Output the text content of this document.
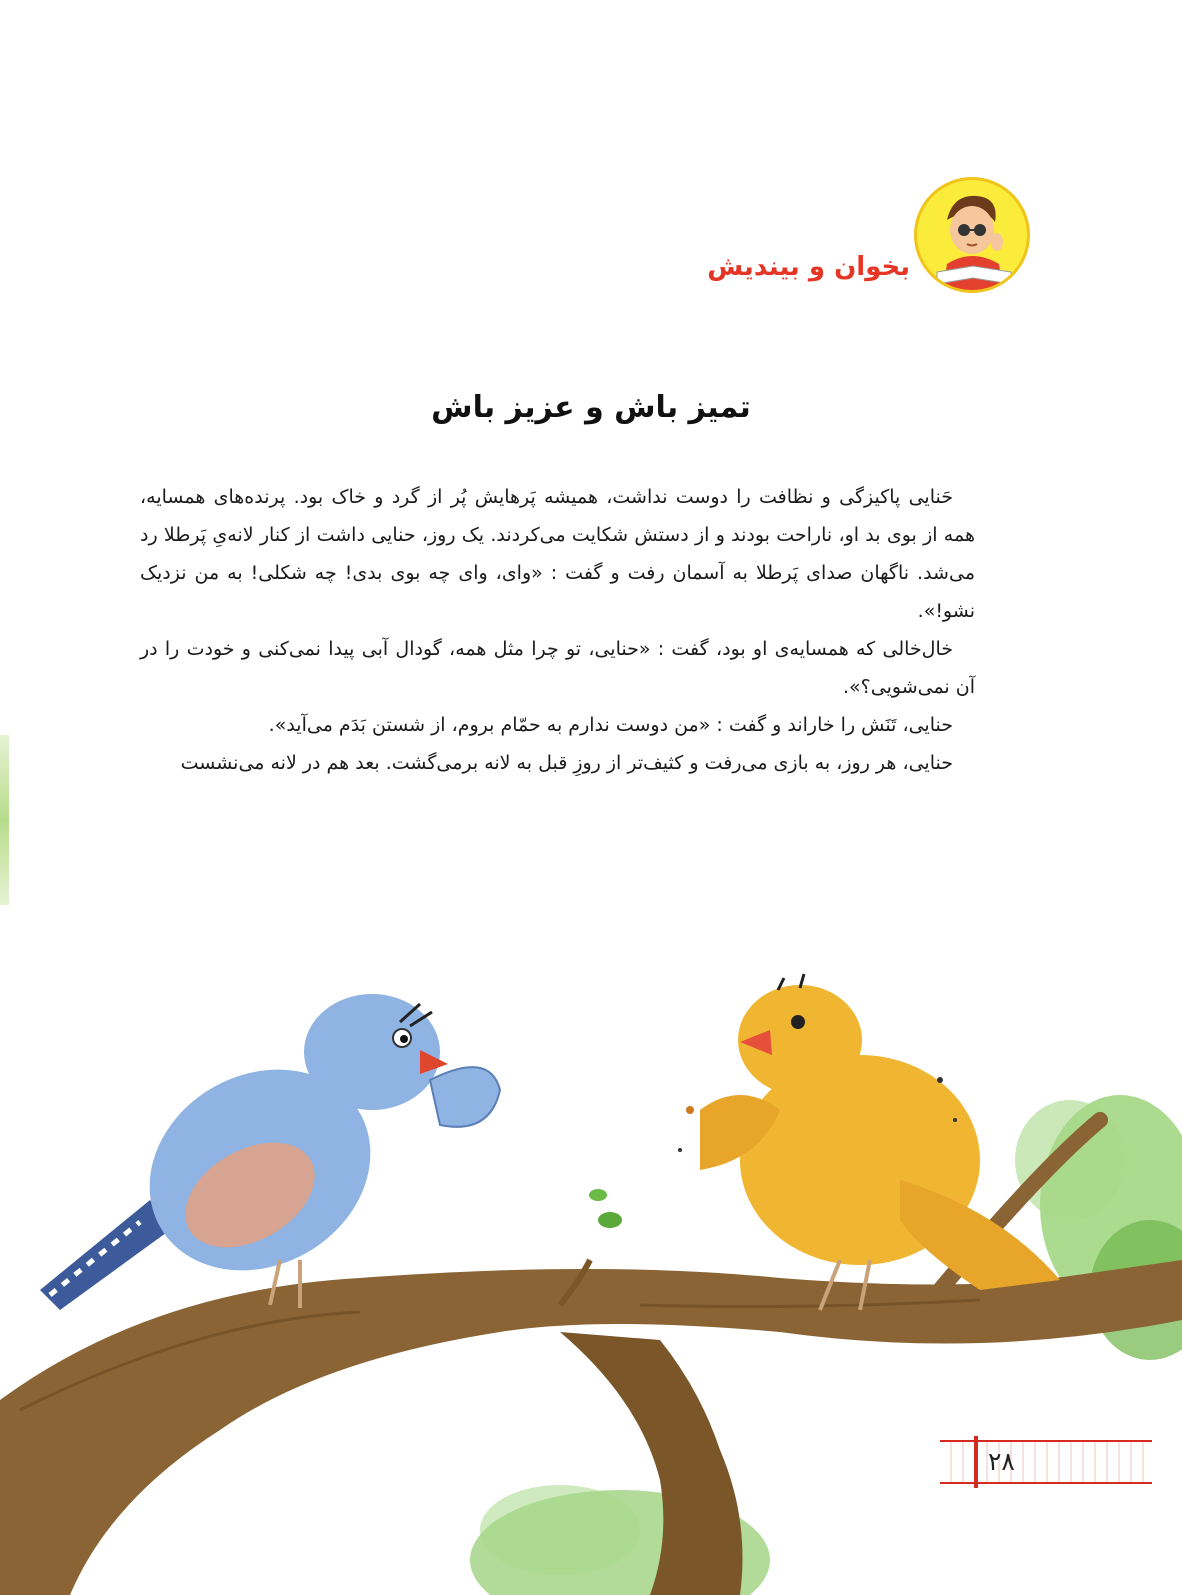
بخوان و بیندیش
تمیز باش و عزیز باش

حَنایی پاکیزگی و نظافت را دوست نداشت، همیشه پَرهایش پُر از گرد و خاک بود. پرنده‌های همسایه، همه از بوی بد او، ناراحت بودند و از دستش شکایت می‌کردند. یک روز، حنایی داشت از کنار لانه‌یِ پَرطلا رد می‌شد. ناگهان صدای پَرطلا به آسمان رفت و گفت : «وای، وای چه بوی بدی! چه شکلی! به من نزدیک نشو!».

خال‌خالی که همسایه‌ی او بود، گفت : «حنایی، تو چرا مثل همه، گودال آبی پیدا نمی‌کنی و خودت را در آن نمی‌شویی؟».

حنایی، تَنَش را خاراند و گفت : «من دوست ندارم به حمّام بروم، از شستن بَدَم می‌آید».

حنایی، هر روز، به بازی می‌رفت و کثیف‌تر از روزِ قبل به لانه برمی‌گشت. بعد هم در لانه می‌نشست

۲۸
